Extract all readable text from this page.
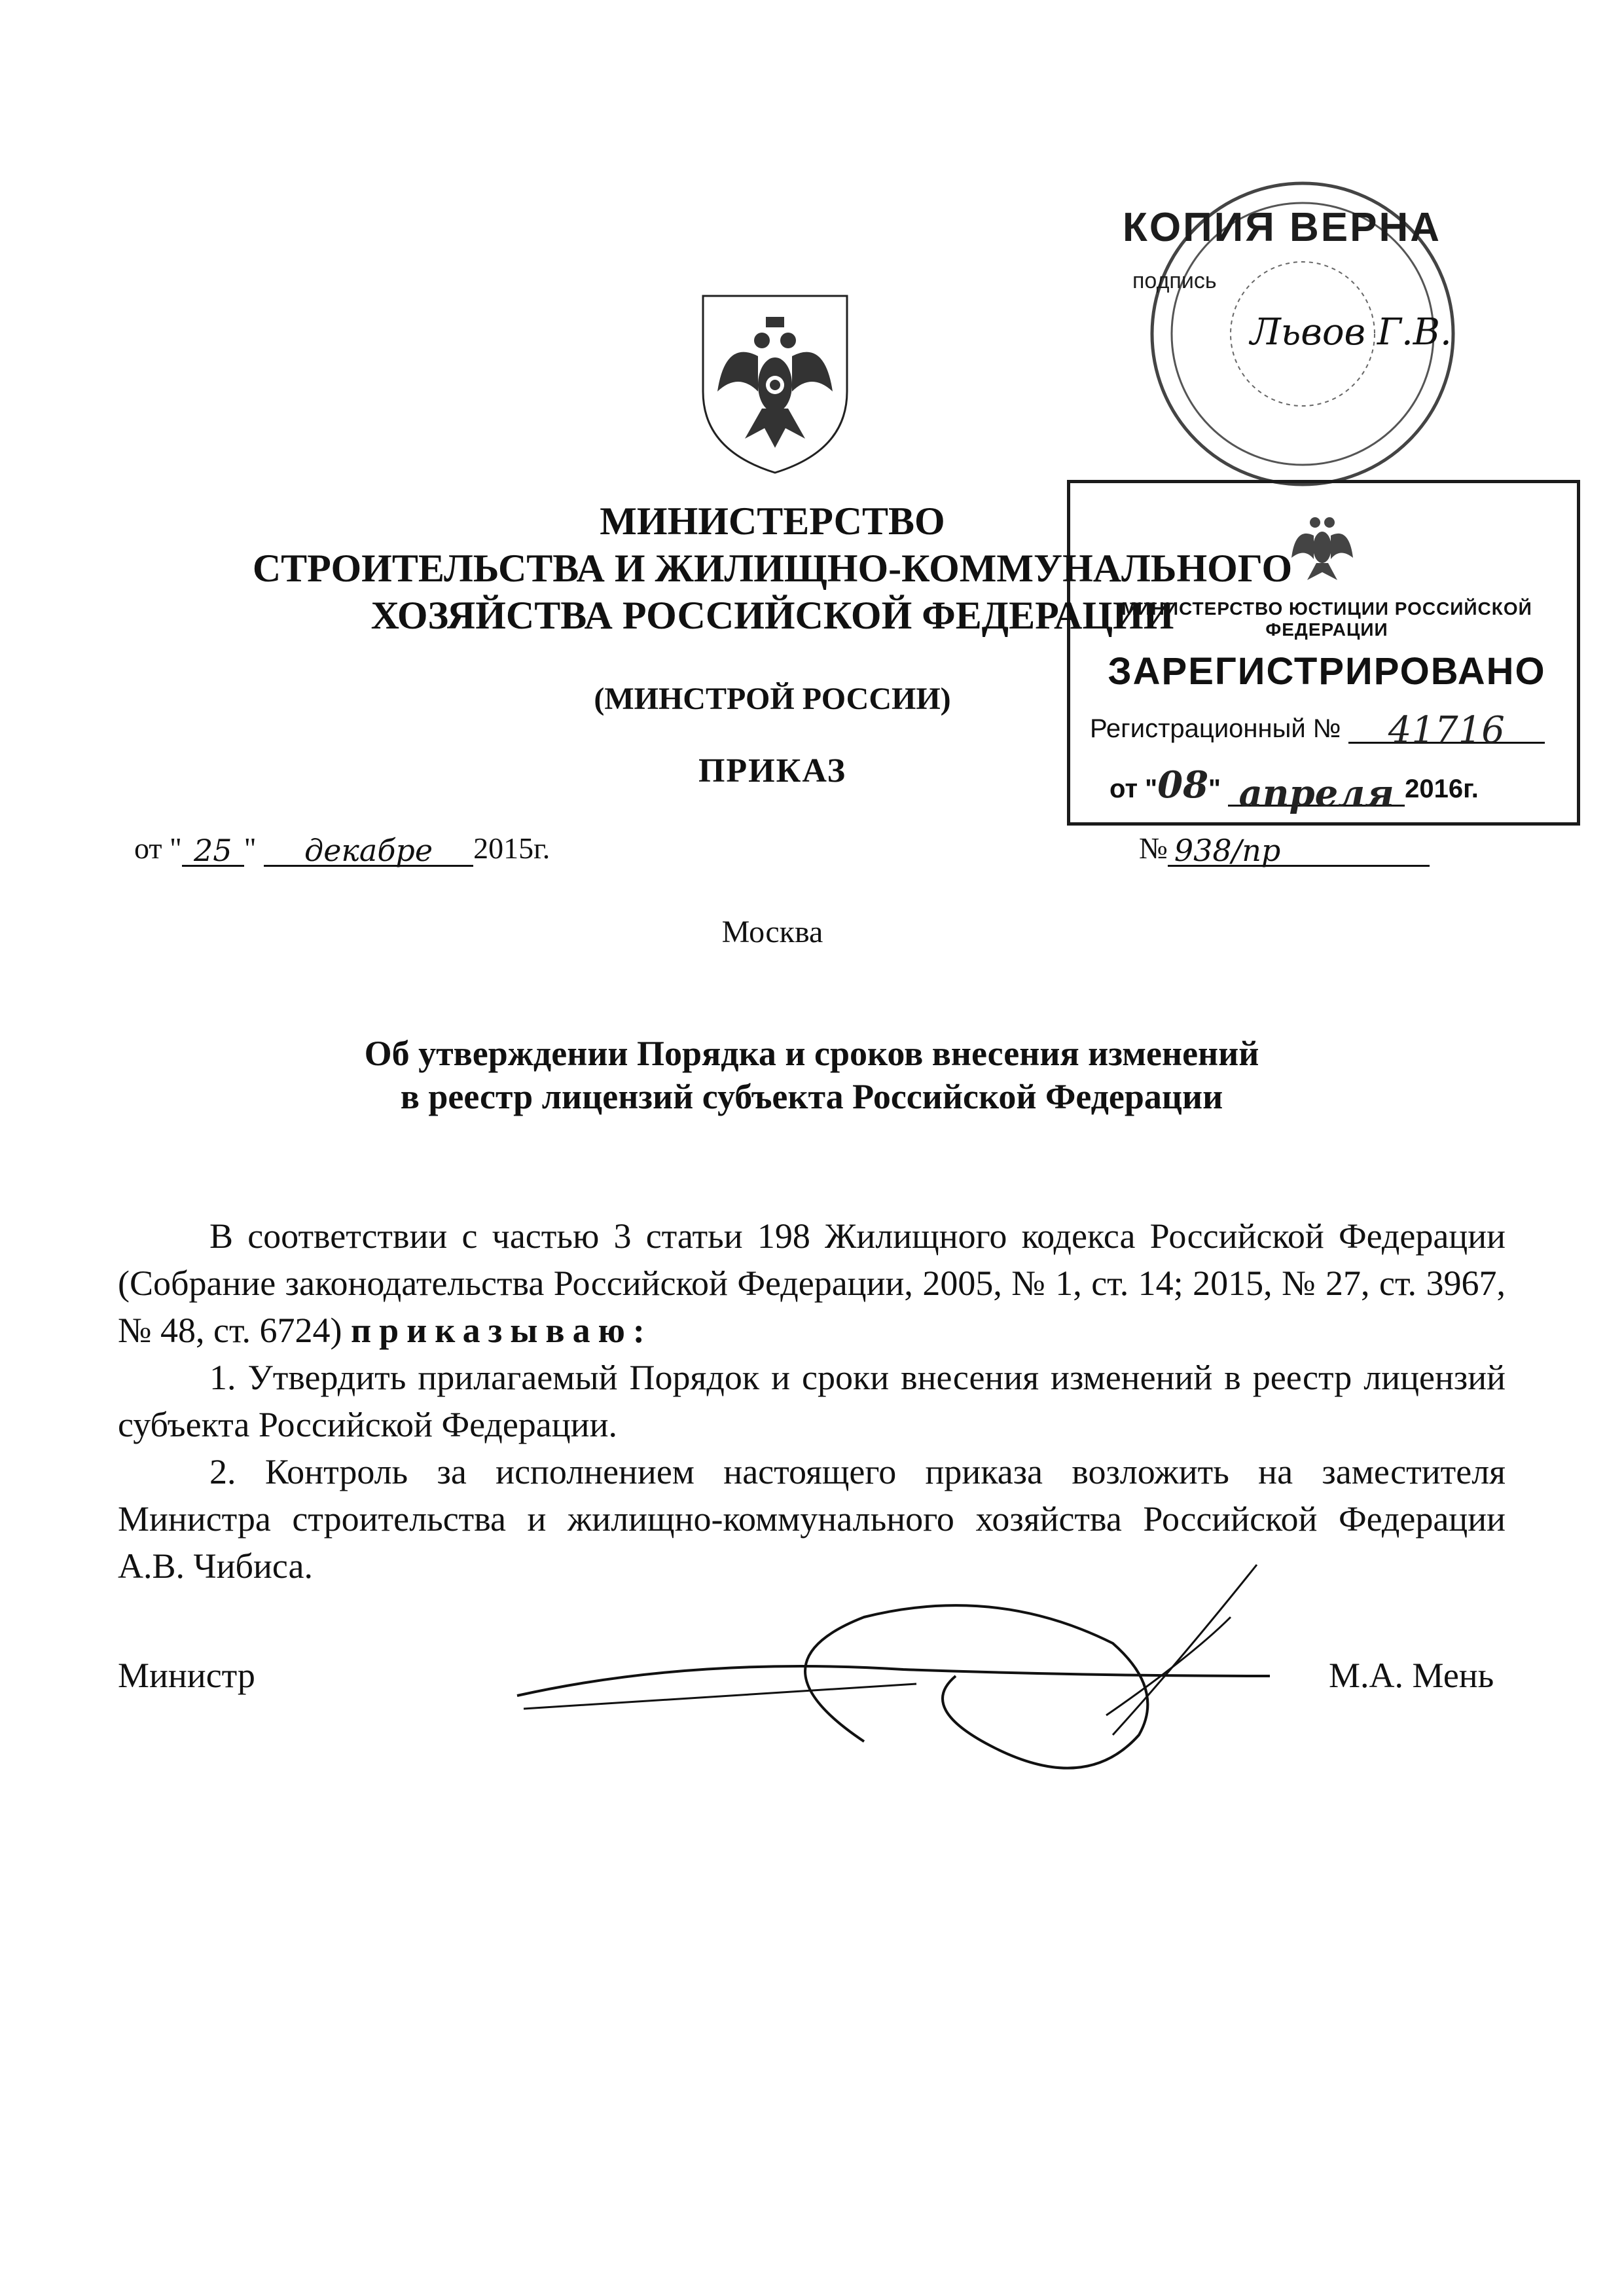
КОПИЯ ВЕРНА
подпись
Львов Г.В.
МИНИСТЕРСТВО ЮСТИЦИИ РОССИЙСКОЙ ФЕДЕРАЦИИ
ЗАРЕГИСТРИРОВАНО
Регистрационный № 41716
от "08" апреля 2016г.
МИНИСТЕРСТВО
СТРОИТЕЛЬСТВА И ЖИЛИЩНО-КОММУНАЛЬНОГО
ХОЗЯЙСТВА РОССИЙСКОЙ ФЕДЕРАЦИИ
(МИНСТРОЙ РОССИИ)
ПРИКАЗ
от " 25 " декабре 2015г.	№ 938/пр
Москва
Об утверждении Порядка и сроков внесения изменений
в реестр лицензий субъекта Российской Федерации

В соответствии с частью 3 статьи 198 Жилищного кодекса Российской Федерации (Собрание законодательства Российской Федерации, 2005, № 1, ст. 14; 2015, № 27, ст. 3967, № 48, ст. 6724) приказываю:

1. Утвердить прилагаемый Порядок и сроки внесения изменений в реестр лицензий субъекта Российской Федерации.

2. Контроль за исполнением настоящего приказа возложить на заместителя Министра строительства и жилищно-коммунального хозяйства Российской Федерации А.В. Чибиса.

Министр	М.А. Мень
